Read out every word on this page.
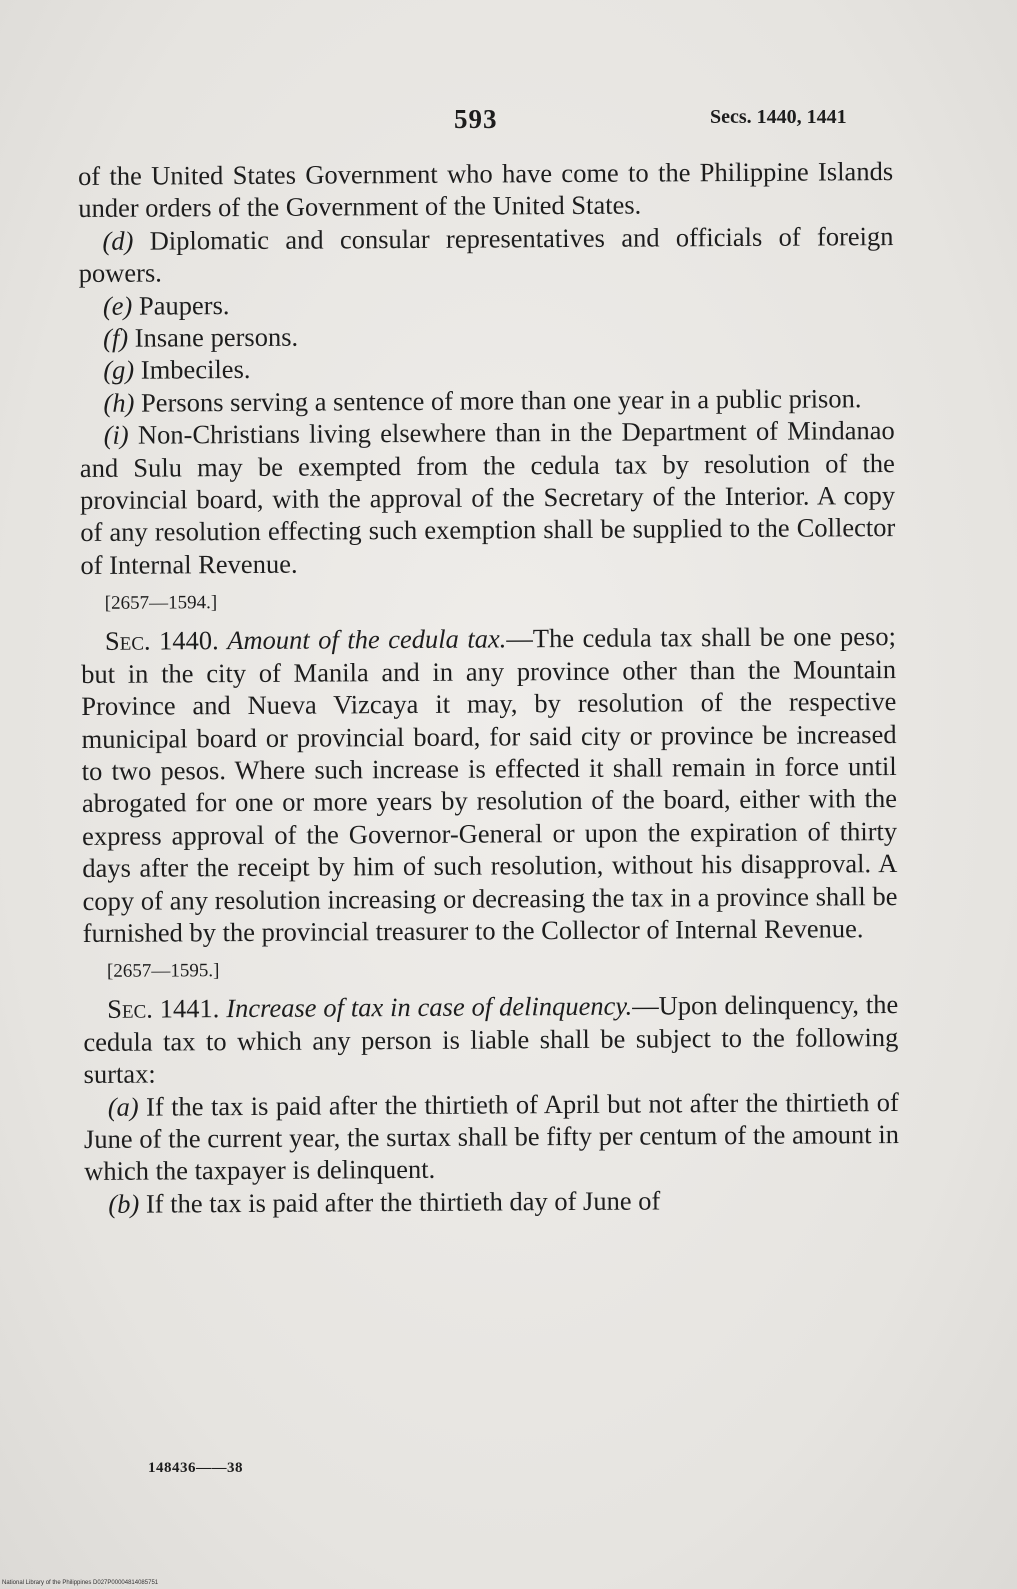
593	Secs. 1440, 1441

of the United States Government who have come to the Philippine Islands under orders of the Government of the United States.

(d) Diplomatic and consular representatives and officials of foreign powers.

(e) Paupers.

(f) Insane persons.

(g) Imbeciles.

(h) Persons serving a sentence of more than one year in a public prison.

(i) Non-Christians living elsewhere than in the Department of Mindanao and Sulu may be exempted from the cedula tax by resolution of the provincial board, with the approval of the Secretary of the Interior. A copy of any resolution effecting such exemption shall be supplied to the Collector of Internal Revenue.

[2657—1594.]

Sec. 1440. Amount of the cedula tax.—The cedula tax shall be one peso; but in the city of Manila and in any province other than the Mountain Province and Nueva Vizcaya it may, by resolution of the respective municipal board or provincial board, for said city or province be increased to two pesos. Where such increase is effected it shall remain in force until abrogated for one or more years by resolution of the board, either with the express approval of the Governor-General or upon the expiration of thirty days after the receipt by him of such resolution, without his disapproval. A copy of any resolution increasing or decreasing the tax in a province shall be furnished by the provincial treasurer to the Collector of Internal Revenue.

[2657—1595.]

Sec. 1441. Increase of tax in case of delinquency.—Upon delinquency, the cedula tax to which any person is liable shall be subject to the following surtax:

(a) If the tax is paid after the thirtieth of April but not after the thirtieth of June of the current year, the surtax shall be fifty per centum of the amount in which the taxpayer is delinquent.

(b) If the tax is paid after the thirtieth day of June of

148436——38
National Library of the Philippines D027P00004814085751
